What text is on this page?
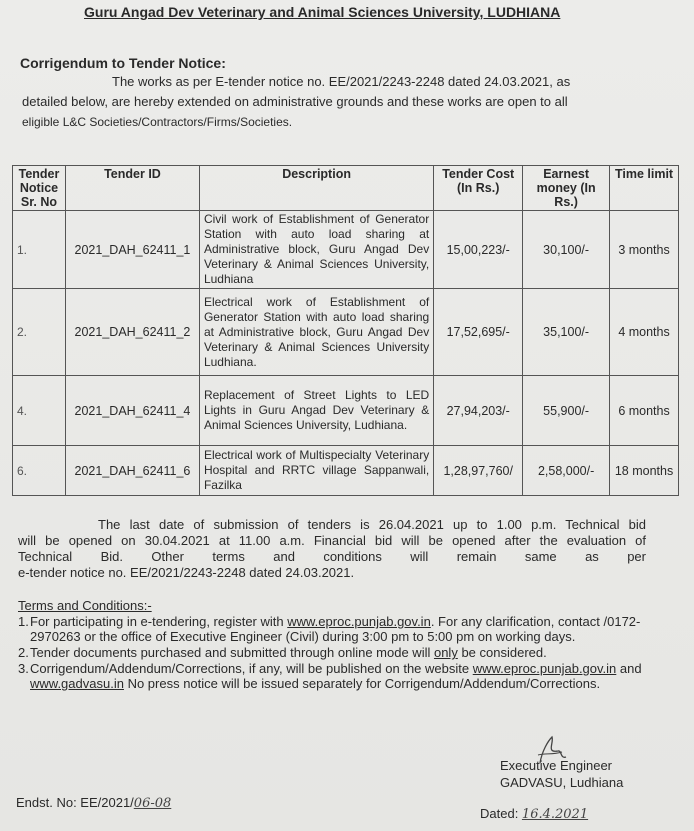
Guru Angad Dev Veterinary and Animal Sciences University, LUDHIANA
Corrigendum to Tender Notice:

The works as per E-tender notice no. EE/2021/2243-2248 dated 24.03.2021, as

detailed below, are hereby extended on administrative grounds and these works are open to all

eligible L&C Societies/Contractors/Firms/Societies.

Tender Notice Sr. No	Tender ID	Description	Tender Cost (In Rs.)	Earnest money (In Rs.)	Time limit
1.	2021_DAH_62411_1	Civil work of Establishment of Generator Station with auto load sharing at Administrative block, Guru Angad Dev Veterinary & Animal Sciences University, Ludhiana	15,00,223/-	30,100/-	3 months
2.	2021_DAH_62411_2	Electrical work of Establishment of Generator Station with auto load sharing at Administrative block, Guru Angad Dev Veterinary & Animal Sciences University Ludhiana.	17,52,695/-	35,100/-	4 months
4.	2021_DAH_62411_4	Replacement of Street Lights to LED Lights in Guru Angad Dev Veterinary & Animal Sciences University, Ludhiana.	27,94,203/-	55,900/-	6 months
6.	2021_DAH_62411_6	Electrical work of Multispecialty Veterinary Hospital and RRTC village Sappanwali, Fazilka	1,28,97,760/	2,58,000/-	18 months

The last date of submission of tenders is 26.04.2021 up to 1.00 p.m. Technical bid

will be opened on 30.04.2021 at 11.00 a.m. Financial bid will be opened after the evaluation of

Technical Bid. Other terms and conditions will remain same as per

e-tender notice no. EE/2021/2243-2248 dated 24.03.2021.

Terms and Conditions:-

1. For participating in e-tendering, register with www.eproc.punjab.gov.in. For any clarification, contact /0172-2970263 or the office of Executive Engineer (Civil) during 3:00 pm to 5:00 pm on working days.

2. Tender documents purchased and submitted through online mode will only be considered.

3. Corrigendum/Addendum/Corrections, if any, will be published on the website www.eproc.punjab.gov.in and www.gadvasu.in No press notice will be issued separately for Corrigendum/Addendum/Corrections.

Executive Engineer
GADVASU, Ludhiana
Endst. No: EE/2021/06-08
Dated: 16.4.2021
